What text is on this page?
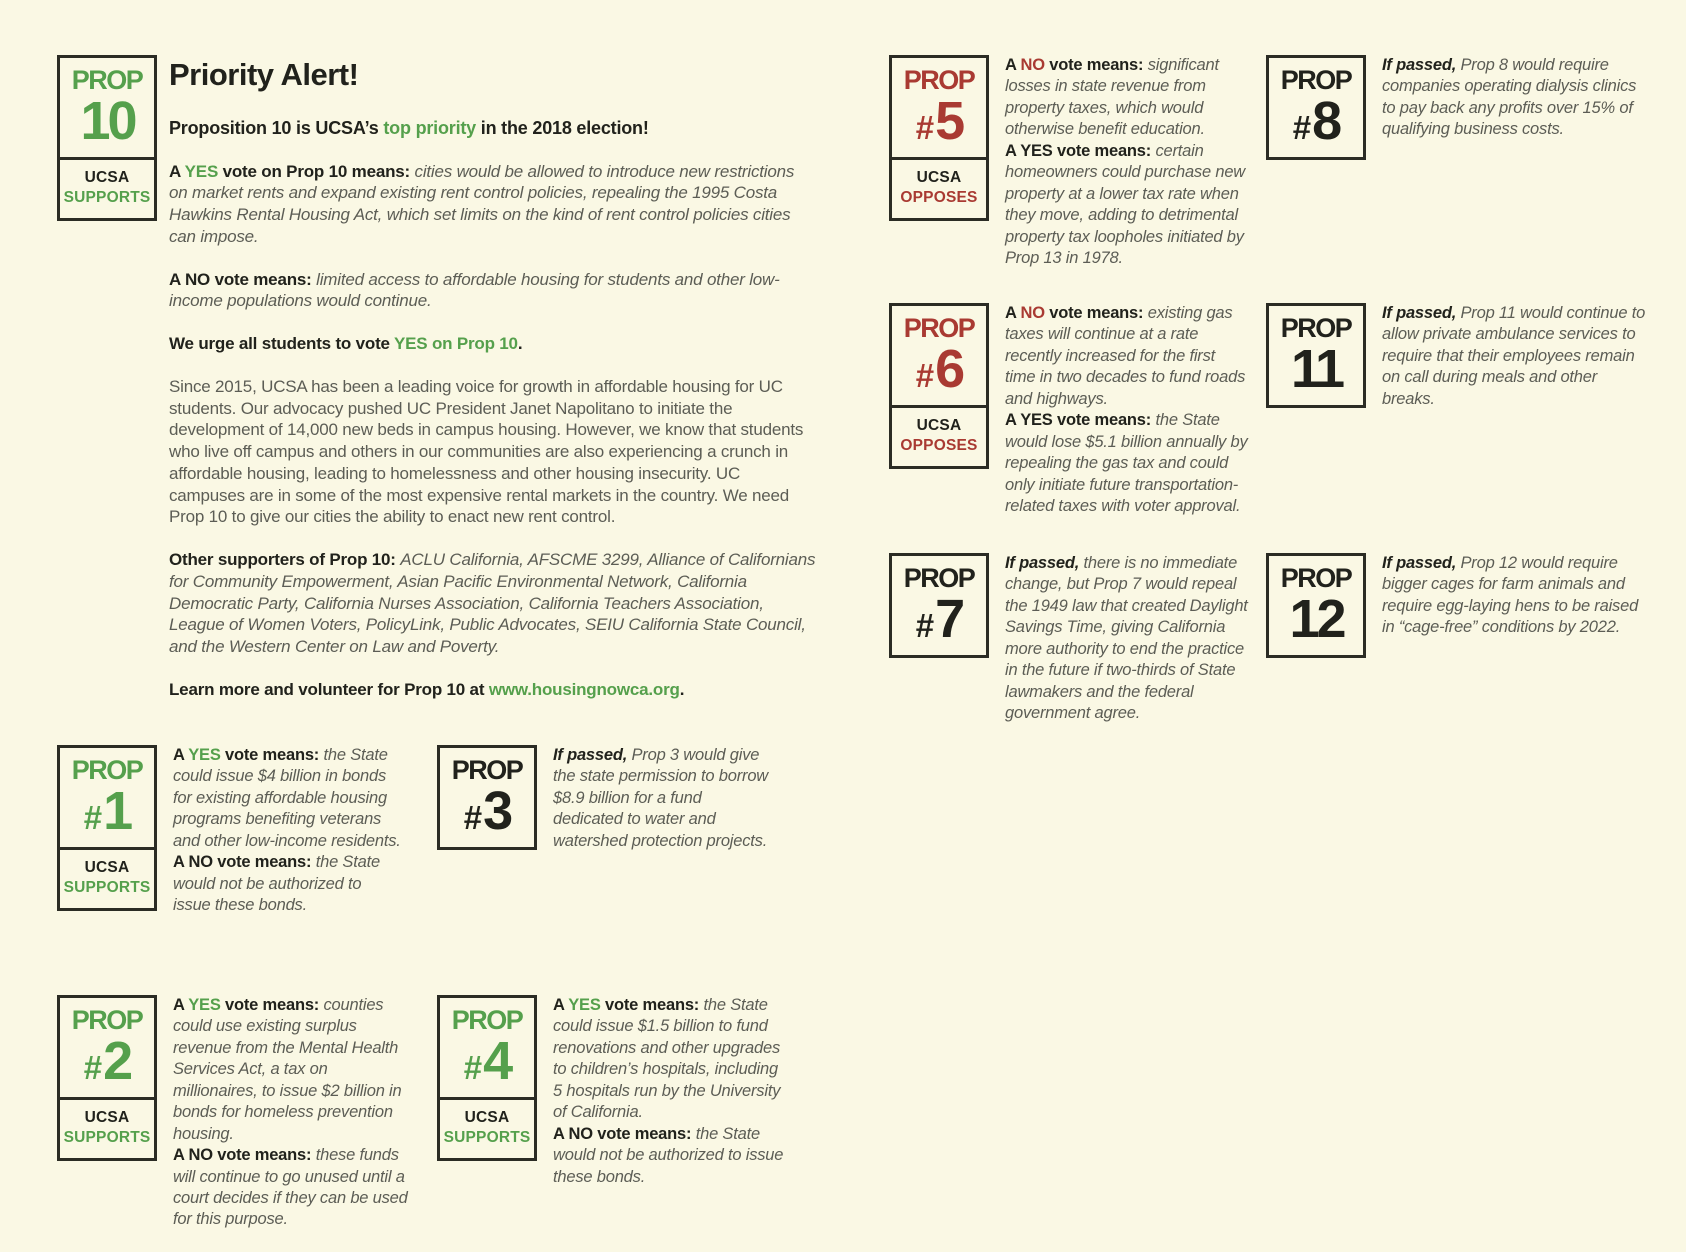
PROP
10
UCSA
SUPPORTS
Priority Alert!

Proposition 10 is UCSA’s top priority in the 2018 election!

A YES vote on Prop 10 means: cities would be allowed to introduce new restrictions on market rents and expand existing rent control policies, repealing the 1995 Costa Hawkins Rental Housing Act, which set limits on the kind of rent control policies cities can impose.

A NO vote means: limited access to affordable housing for students and other low-income populations would continue.

We urge all students to vote YES on Prop 10.

Since 2015, UCSA has been a leading voice for growth in affordable housing for UC students. Our advocacy pushed UC President Janet Napolitano to initiate the development of 14,000 new beds in campus housing. However, we know that students who live off campus and others in our communities are also experiencing a crunch in affordable housing, leading to homelessness and other housing insecurity. UC campuses are in some of the most expensive rental markets in the country. We need Prop 10 to give our cities the ability to enact new rent control.

Other supporters of Prop 10: ACLU California, AFSCME 3299, Alliance of Californians for Community Empowerment, Asian Pacific Environmental Network, California Democratic Party, California Nurses Association, California Teachers Association, League of Women Voters, PolicyLink, Public Advocates, SEIU California State Council, and the Western Center on Law and Poverty.

Learn more and volunteer for Prop 10 at www.housingnowca.org.

PROP
# 1
UCSA
SUPPORTS

A YES vote means: the State could issue $4 billion in bonds for existing affordable housing programs benefiting veterans and other low-income residents.

A NO vote means: the State would not be authorized to issue these bonds.

PROP
# 3

If passed, Prop 3 would give the state permission to borrow $8.9 billion for a fund dedicated to water and watershed protection projects.

PROP
# 2
UCSA
SUPPORTS

A YES vote means: counties could use existing surplus revenue from the Mental Health Services Act, a tax on millionaires, to issue $2 billion in bonds for homeless prevention housing.

A NO vote means: these funds will continue to go unused until a court decides if they can be used for this purpose.

PROP
# 4
UCSA
SUPPORTS

A YES vote means: the State could issue $1.5 billion to fund renovations and other upgrades to children’s hospitals, including 5 hospitals run by the University of California.

A NO vote means: the State would not be authorized to issue these bonds.

PROP
# 5
UCSA
OPPOSES

A NO vote means: significant losses in state revenue from property taxes, which would otherwise benefit education.

A YES vote means: certain homeowners could purchase new property at a lower tax rate when they move, adding to detrimental property tax loopholes initiated by Prop 13 in 1978.

PROP
# 8

If passed, Prop 8 would require companies operating dialysis clinics to pay back any profits over 15% of qualifying business costs.

PROP
# 6
UCSA
OPPOSES

A NO vote means: existing gas taxes will continue at a rate recently increased for the first time in two decades to fund roads and highways.

A YES vote means: the State would lose $5.1 billion annually by repealing the gas tax and could only initiate future transportation-related taxes with voter approval.

PROP
11

If passed, Prop 11 would continue to allow private ambulance services to require that their employees remain on call during meals and other breaks.

PROP
# 7

If passed, there is no immediate change, but Prop 7 would repeal the 1949 law that created Daylight Savings Time, giving California more authority to end the practice in the future if two-thirds of State lawmakers and the federal government agree.

PROP
12

If passed, Prop 12 would require bigger cages for farm animals and require egg-laying hens to be raised in “cage-free” conditions by 2022.
